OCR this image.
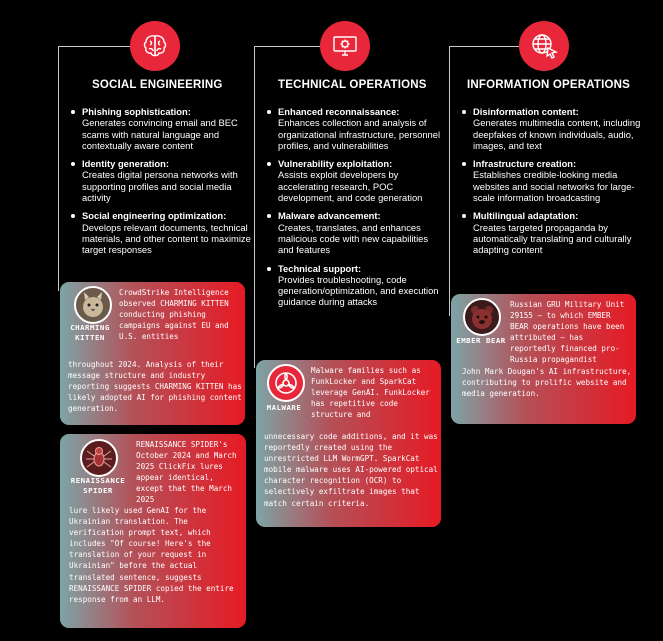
SOCIAL ENGINEERING
Phishing sophistication:
Generates convincing email and BEC scams with natural language and contextually aware content
Identity generation:
Creates digital persona networks with supporting profiles and social media activity
Social engineering optimization:
Develops relevant documents, technical materials, and other content to maximize target responses
TECHNICAL OPERATIONS
Enhanced reconnaissance:
Enhances collection and analysis of organizational infrastructure, personnel profiles, and vulnerabilities
Vulnerability exploitation:
Assists exploit developers by accelerating research, POC development, and code generation
Malware advancement:
Creates, translates, and enhances malicious code with new capabilities and features
Technical support:
Provides troubleshooting, code generation/optimization, and execution guidance during attacks
INFORMATION OPERATIONS
Disinformation content:
Generates multimedia content, including deepfakes of known individuals, audio, images, and text
Infrastructure creation:
Establishes credible-looking media websites and social networks for large-scale information broadcasting
Multilingual adaptation:
Creates targeted propaganda by automatically translating and culturally adapting content
CHARMING KITTEN
CrowdStrike Intelligence observed CHARMING KITTEN conducting phishing campaigns against EU and U.S. entities
throughout 2024. Analysis of their message structure and industry reporting suggests CHARMING KITTEN has likely adopted AI for phishing content generation.
RENAISSANCE SPIDER
RENAISSANCE SPIDER's October 2024 and March 2025 ClickFix lures appear identical, except that the March 2025
lure likely used GenAI for the Ukrainian translation. The verification prompt text, which includes "Of course! Here's the translation of your request in Ukrainian" before the actual translated sentence, suggests RENAISSANCE SPIDER copied the entire response from an LLM.
MALWARE
Malware families such as FunkLocker and SparkCat leverage GenAI. FunkLocker has repetitive code structure and
unnecessary code additions, and it was reportedly created using the unrestricted LLM WormGPT. SparkCat mobile malware uses AI-powered optical character recognition (OCR) to selectively exfiltrate images that match certain criteria.
EMBER BEAR
Russian GRU Military Unit 29155 — to which EMBER BEAR operations have been attributed — has reportedly financed pro-Russia propagandist
John Mark Dougan's AI infrastructure, contributing to prolific website and media generation.
